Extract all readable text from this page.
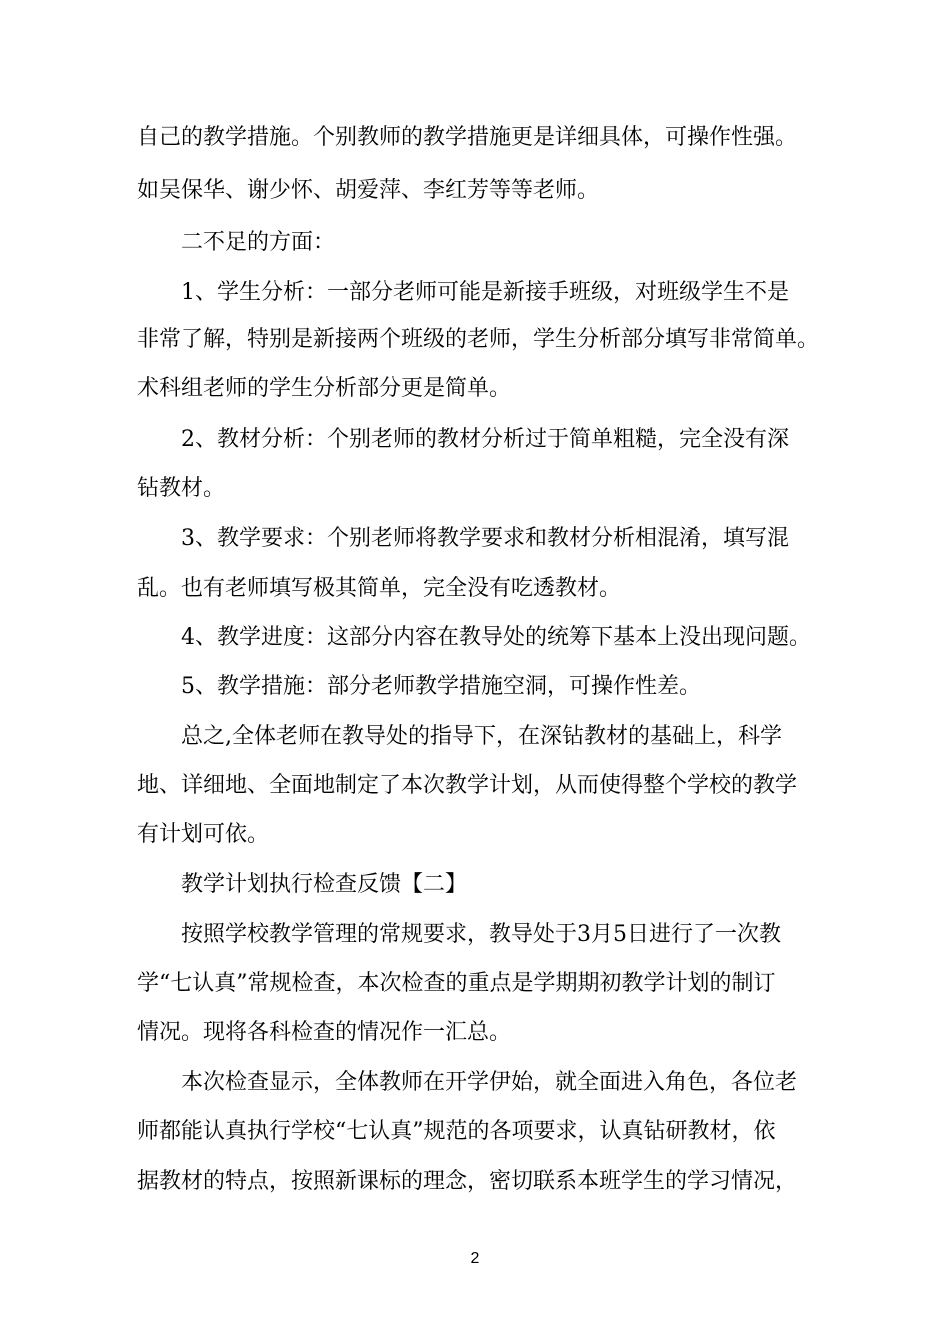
自己的教学措施。个别教师的教学措施更是详细具体，可操作性强。
如吴保华、谢少怀、胡爱萍、李红芳等等老师。
二不足的方面：
1、学生分析：一部分老师可能是新接手班级，对班级学生不是
非常了解，特别是新接两个班级的老师，学生分析部分填写非常简单。
术科组老师的学生分析部分更是简单。
2、教材分析：个别老师的教材分析过于简单粗糙，完全没有深
钻教材。
3、教学要求：个别老师将教学要求和教材分析相混淆，填写混
乱。也有老师填写极其简单，完全没有吃透教材。
4、教学进度：这部分内容在教导处的统筹下基本上没出现问题。
5、教学措施：部分老师教学措施空洞，可操作性差。
总之,全体老师在教导处的指导下，在深钻教材的基础上，科学
地、详细地、全面地制定了本次教学计划，从而使得整个学校的教学
有计划可依。
教学计划执行检查反馈【二】
按照学校教学管理的常规要求，教导处于3月5日进行了一次教
学“七认真”常规检查，本次检查的重点是学期期初教学计划的制订
情况。现将各科检查的情况作一汇总。
本次检查显示，全体教师在开学伊始，就全面进入角色，各位老
师都能认真执行学校“七认真”规范的各项要求，认真钻研教材，依
据教材的特点，按照新课标的理念，密切联系本班学生的学习情况，
2
